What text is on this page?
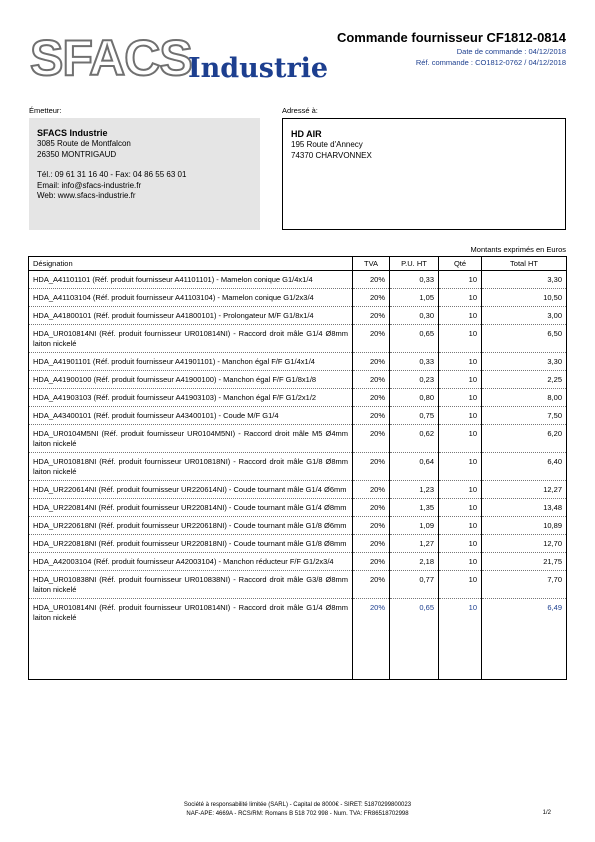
SFACS
Industrie
Commande fournisseur CF1812-0814
Date de commande : 04/12/2018
Réf. commande : CO1812-0762 / 04/12/2018
Émetteur:	Adressé à:
SFACS Industrie
3085 Route de Montfalcon
26350 MONTRIGAUD
Tél.: 09 61 31 16 40 - Fax: 04 86 55 63 01
Email: info@sfacs-industrie.fr
Web: www.sfacs-industrie.fr
HD AIR
195 Route d'Annecy
74370 CHARVONNEX
Montants exprimés en Euros
Désignation	TVA	P.U. HT	Qté	Total HT
HDA_A41101101 (Réf. produit fournisseur A41101101) - Mamelon conique G1/4x1/4	20%	0,33	10	3,30
HDA_A41103104 (Réf. produit fournisseur A41103104) - Mamelon conique G1/2x3/4	20%	1,05	10	10,50
HDA_A41800101 (Réf. produit fournisseur A41800101) - Prolongateur M/F G1/8x1/4	20%	0,30	10	3,00
HDA_UR010814NI (Réf. produit fournisseur UR010814NI) - Raccord droit mâle G1/4 Ø8mm laiton nickelé	20%	0,65	10	6,50
HDA_A41901101 (Réf. produit fournisseur A41901101) - Manchon égal F/F G1/4x1/4	20%	0,33	10	3,30
HDA_A41900100 (Réf. produit fournisseur A41900100) - Manchon égal F/F G1/8x1/8	20%	0,23	10	2,25
HDA_A41903103 (Réf. produit fournisseur A41903103) - Manchon égal F/F G1/2x1/2	20%	0,80	10	8,00
HDA_A43400101 (Réf. produit fournisseur A43400101) - Coude M/F G1/4	20%	0,75	10	7,50
HDA_UR0104M5NI (Réf. produit fournisseur UR0104M5NI) - Raccord droit mâle M5 Ø4mm laiton nickelé	20%	0,62	10	6,20
HDA_UR010818NI (Réf. produit fournisseur UR010818NI) - Raccord droit mâle G1/8 Ø8mm laiton nickelé	20%	0,64	10	6,40
HDA_UR220614NI (Réf. produit fournisseur UR220614NI) - Coude tournant mâle G1/4 Ø6mm	20%	1,23	10	12,27
HDA_UR220814NI (Réf. produit fournisseur UR220814NI) - Coude tournant mâle G1/4 Ø8mm	20%	1,35	10	13,48
HDA_UR220618NI (Réf. produit fournisseur UR220618NI) - Coude tournant mâle G1/8 Ø6mm	20%	1,09	10	10,89
HDA_UR220818NI (Réf. produit fournisseur UR220818NI) - Coude tournant mâle G1/8 Ø8mm	20%	1,27	10	12,70
HDA_A42003104 (Réf. produit fournisseur A42003104) - Manchon réducteur F/F G1/2x3/4	20%	2,18	10	21,75
HDA_UR010838NI (Réf. produit fournisseur UR010838NI) - Raccord droit mâle G3/8 Ø8mm laiton nickelé	20%	0,77	10	7,70
HDA_UR010814NI (Réf. produit fournisseur UR010814NI) - Raccord droit mâle G1/4 Ø8mm laiton nickelé	20%	0,65	10	6,49
Société à responsabilité limitée (SARL) - Capital de 8000€ - SIRET: 51870299800023
NAF-APE: 4669A - RCS/RM: Romans B 518 702 998 - Num. TVA: FR86518702998	1/2
